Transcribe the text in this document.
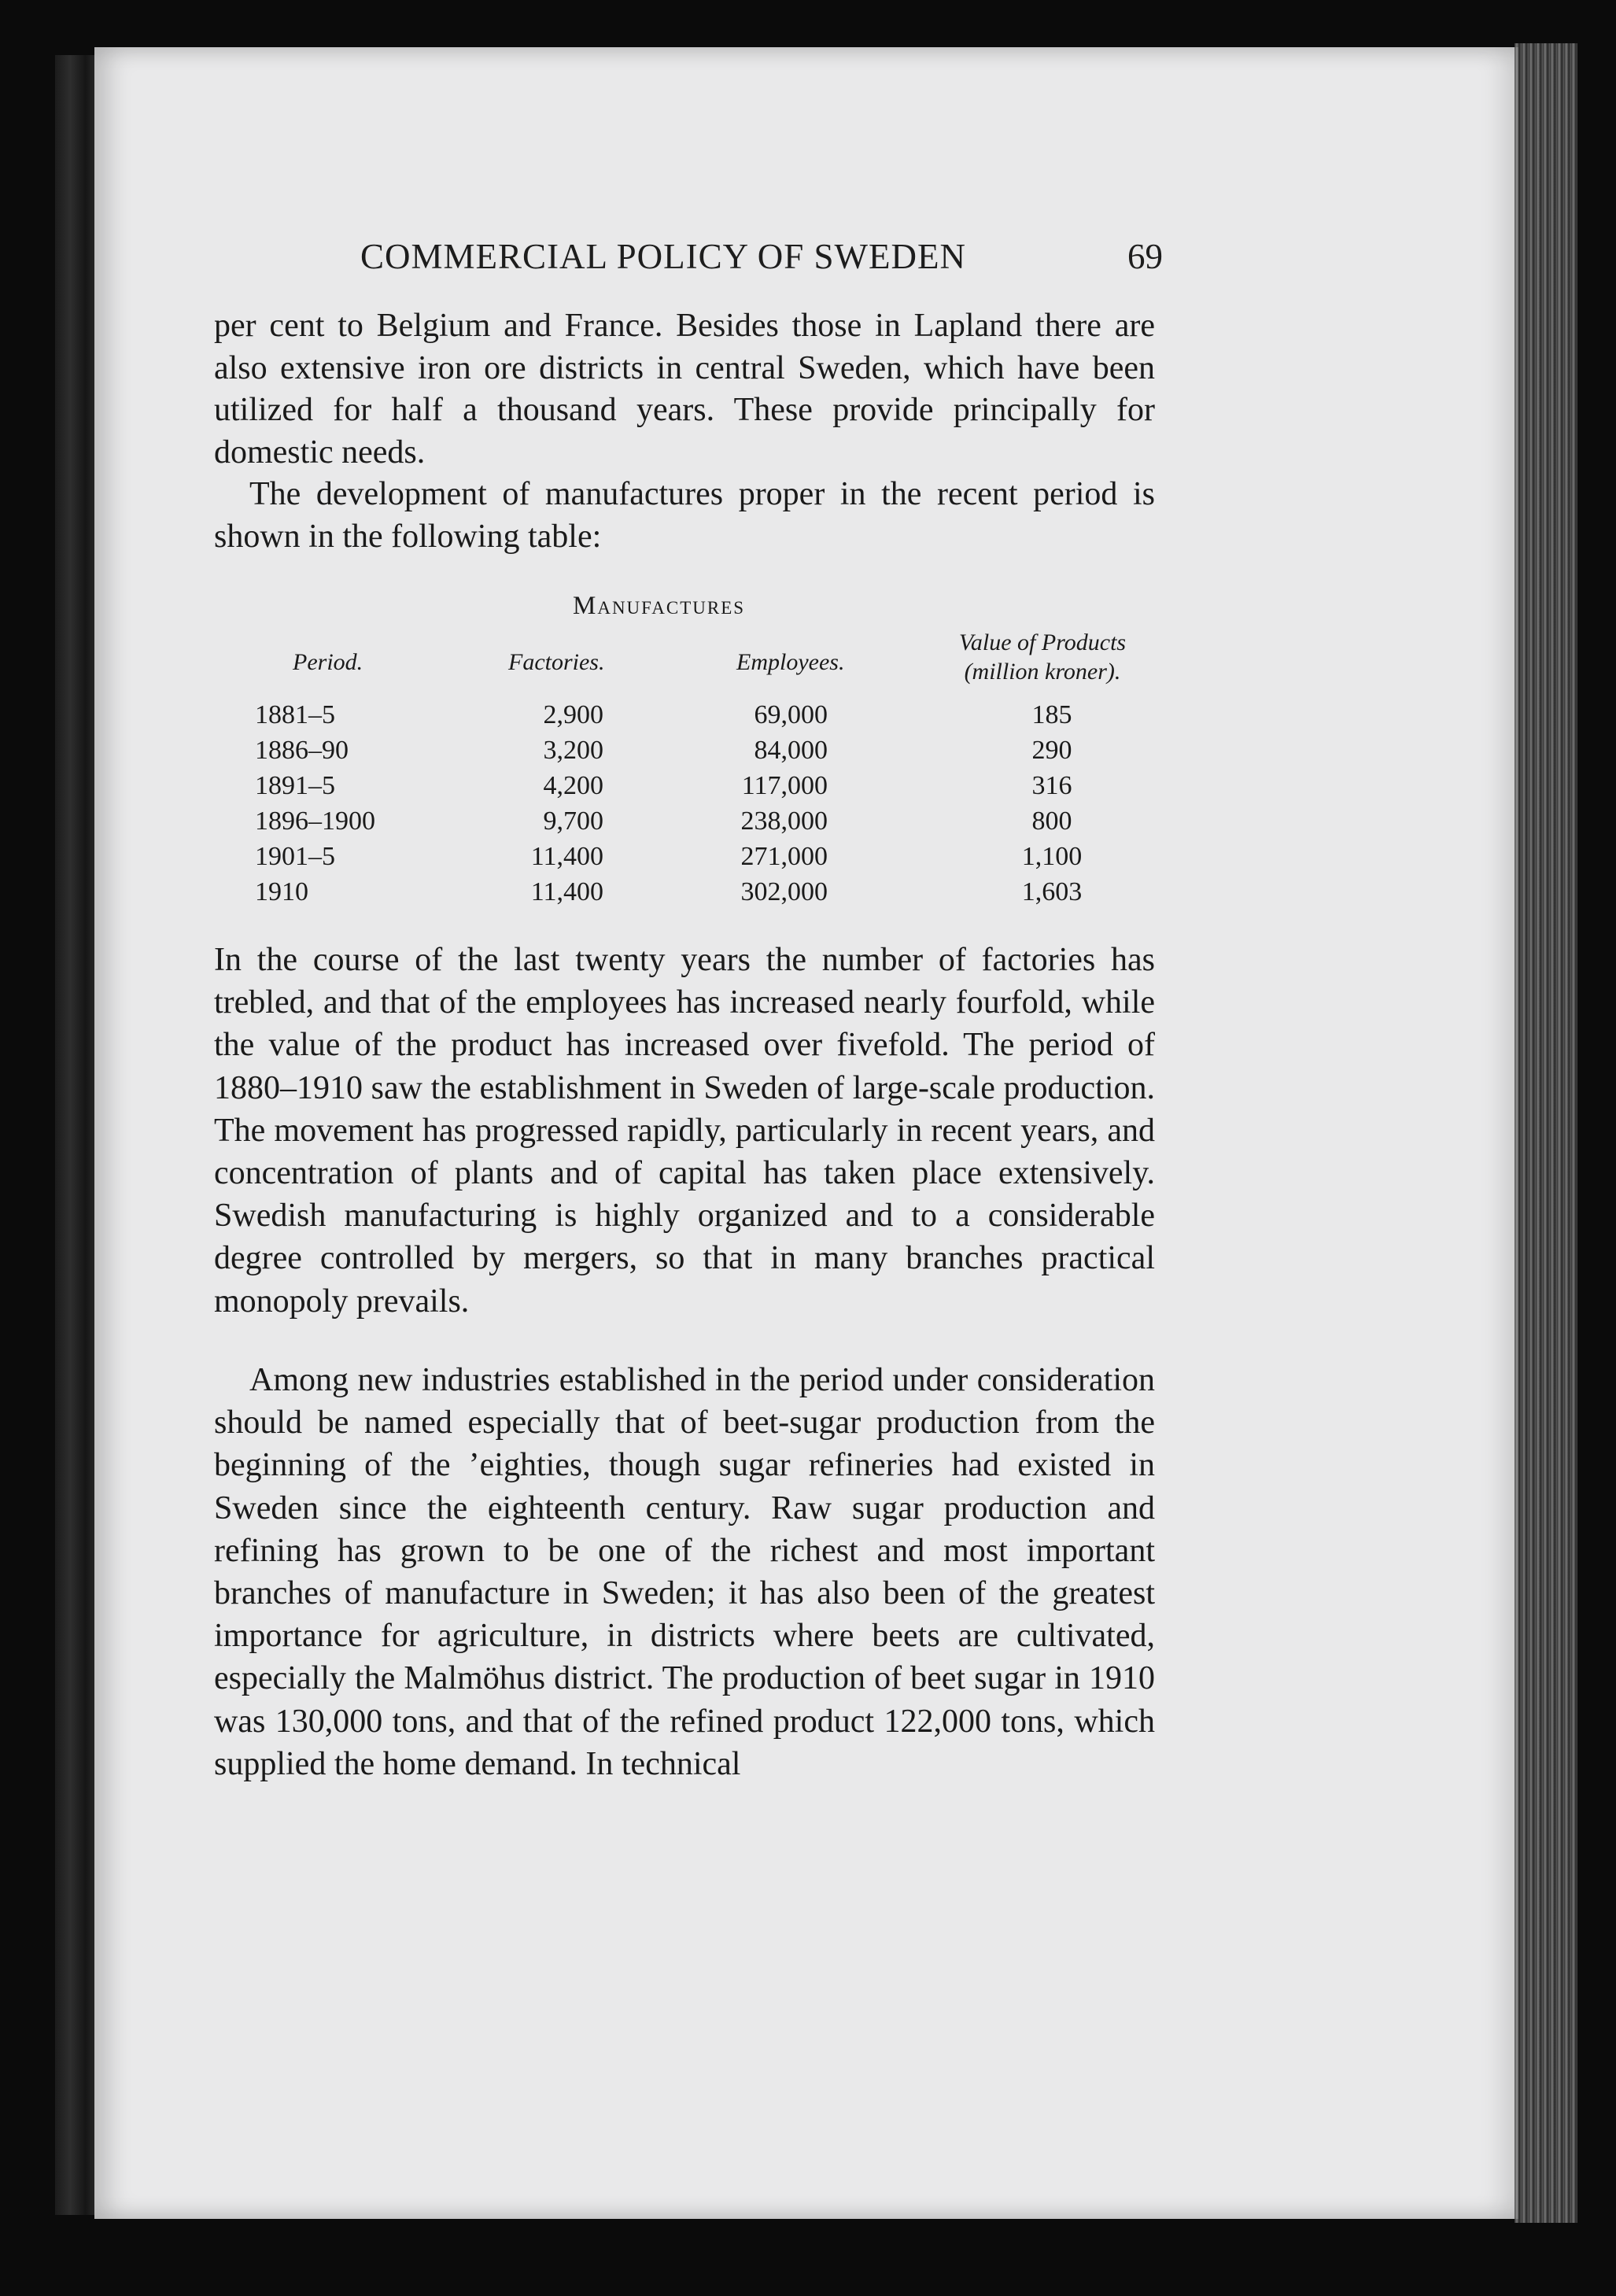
COMMERCIAL POLICY OF SWEDEN	69

per cent to Belgium and France. Besides those in Lapland there are also extensive iron ore districts in central Sweden, which have been utilized for half a thousand years. These provide principally for domestic needs.

The development of manufactures proper in the recent period is shown in the following table:

Manufactures
Period.	Factories.	Employees.
Value of Products
(million kroner).
1881–5	2,900	69,000	185
1886–90	3,200	84,000	290
1891–5	4,200	117,000	316
1896–1900	9,700	238,000	800
1901–5	11,400	271,000	1,100
1910	11,400	302,000	1,603

In the course of the last twenty years the number of factories has trebled, and that of the employees has increased nearly fourfold, while the value of the product has increased over fivefold. The period of 1880–1910 saw the establishment in Sweden of large-scale production. The movement has progressed rapidly, particularly in recent years, and concentration of plants and of capital has taken place extensively. Swedish manufacturing is highly organized and to a considerable degree controlled by mergers, so that in many branches practical monopoly prevails.

Among new industries established in the period under consideration should be named especially that of beet-sugar production from the beginning of the ’eighties, though sugar refineries had existed in Sweden since the eighteenth century. Raw sugar production and refining has grown to be one of the richest and most important branches of manufacture in Sweden; it has also been of the greatest importance for agriculture, in districts where beets are cultivated, especially the Malmöhus district. The production of beet sugar in 1910 was 130,000 tons, and that of the refined product 122,000 tons, which supplied the home demand. In technical
